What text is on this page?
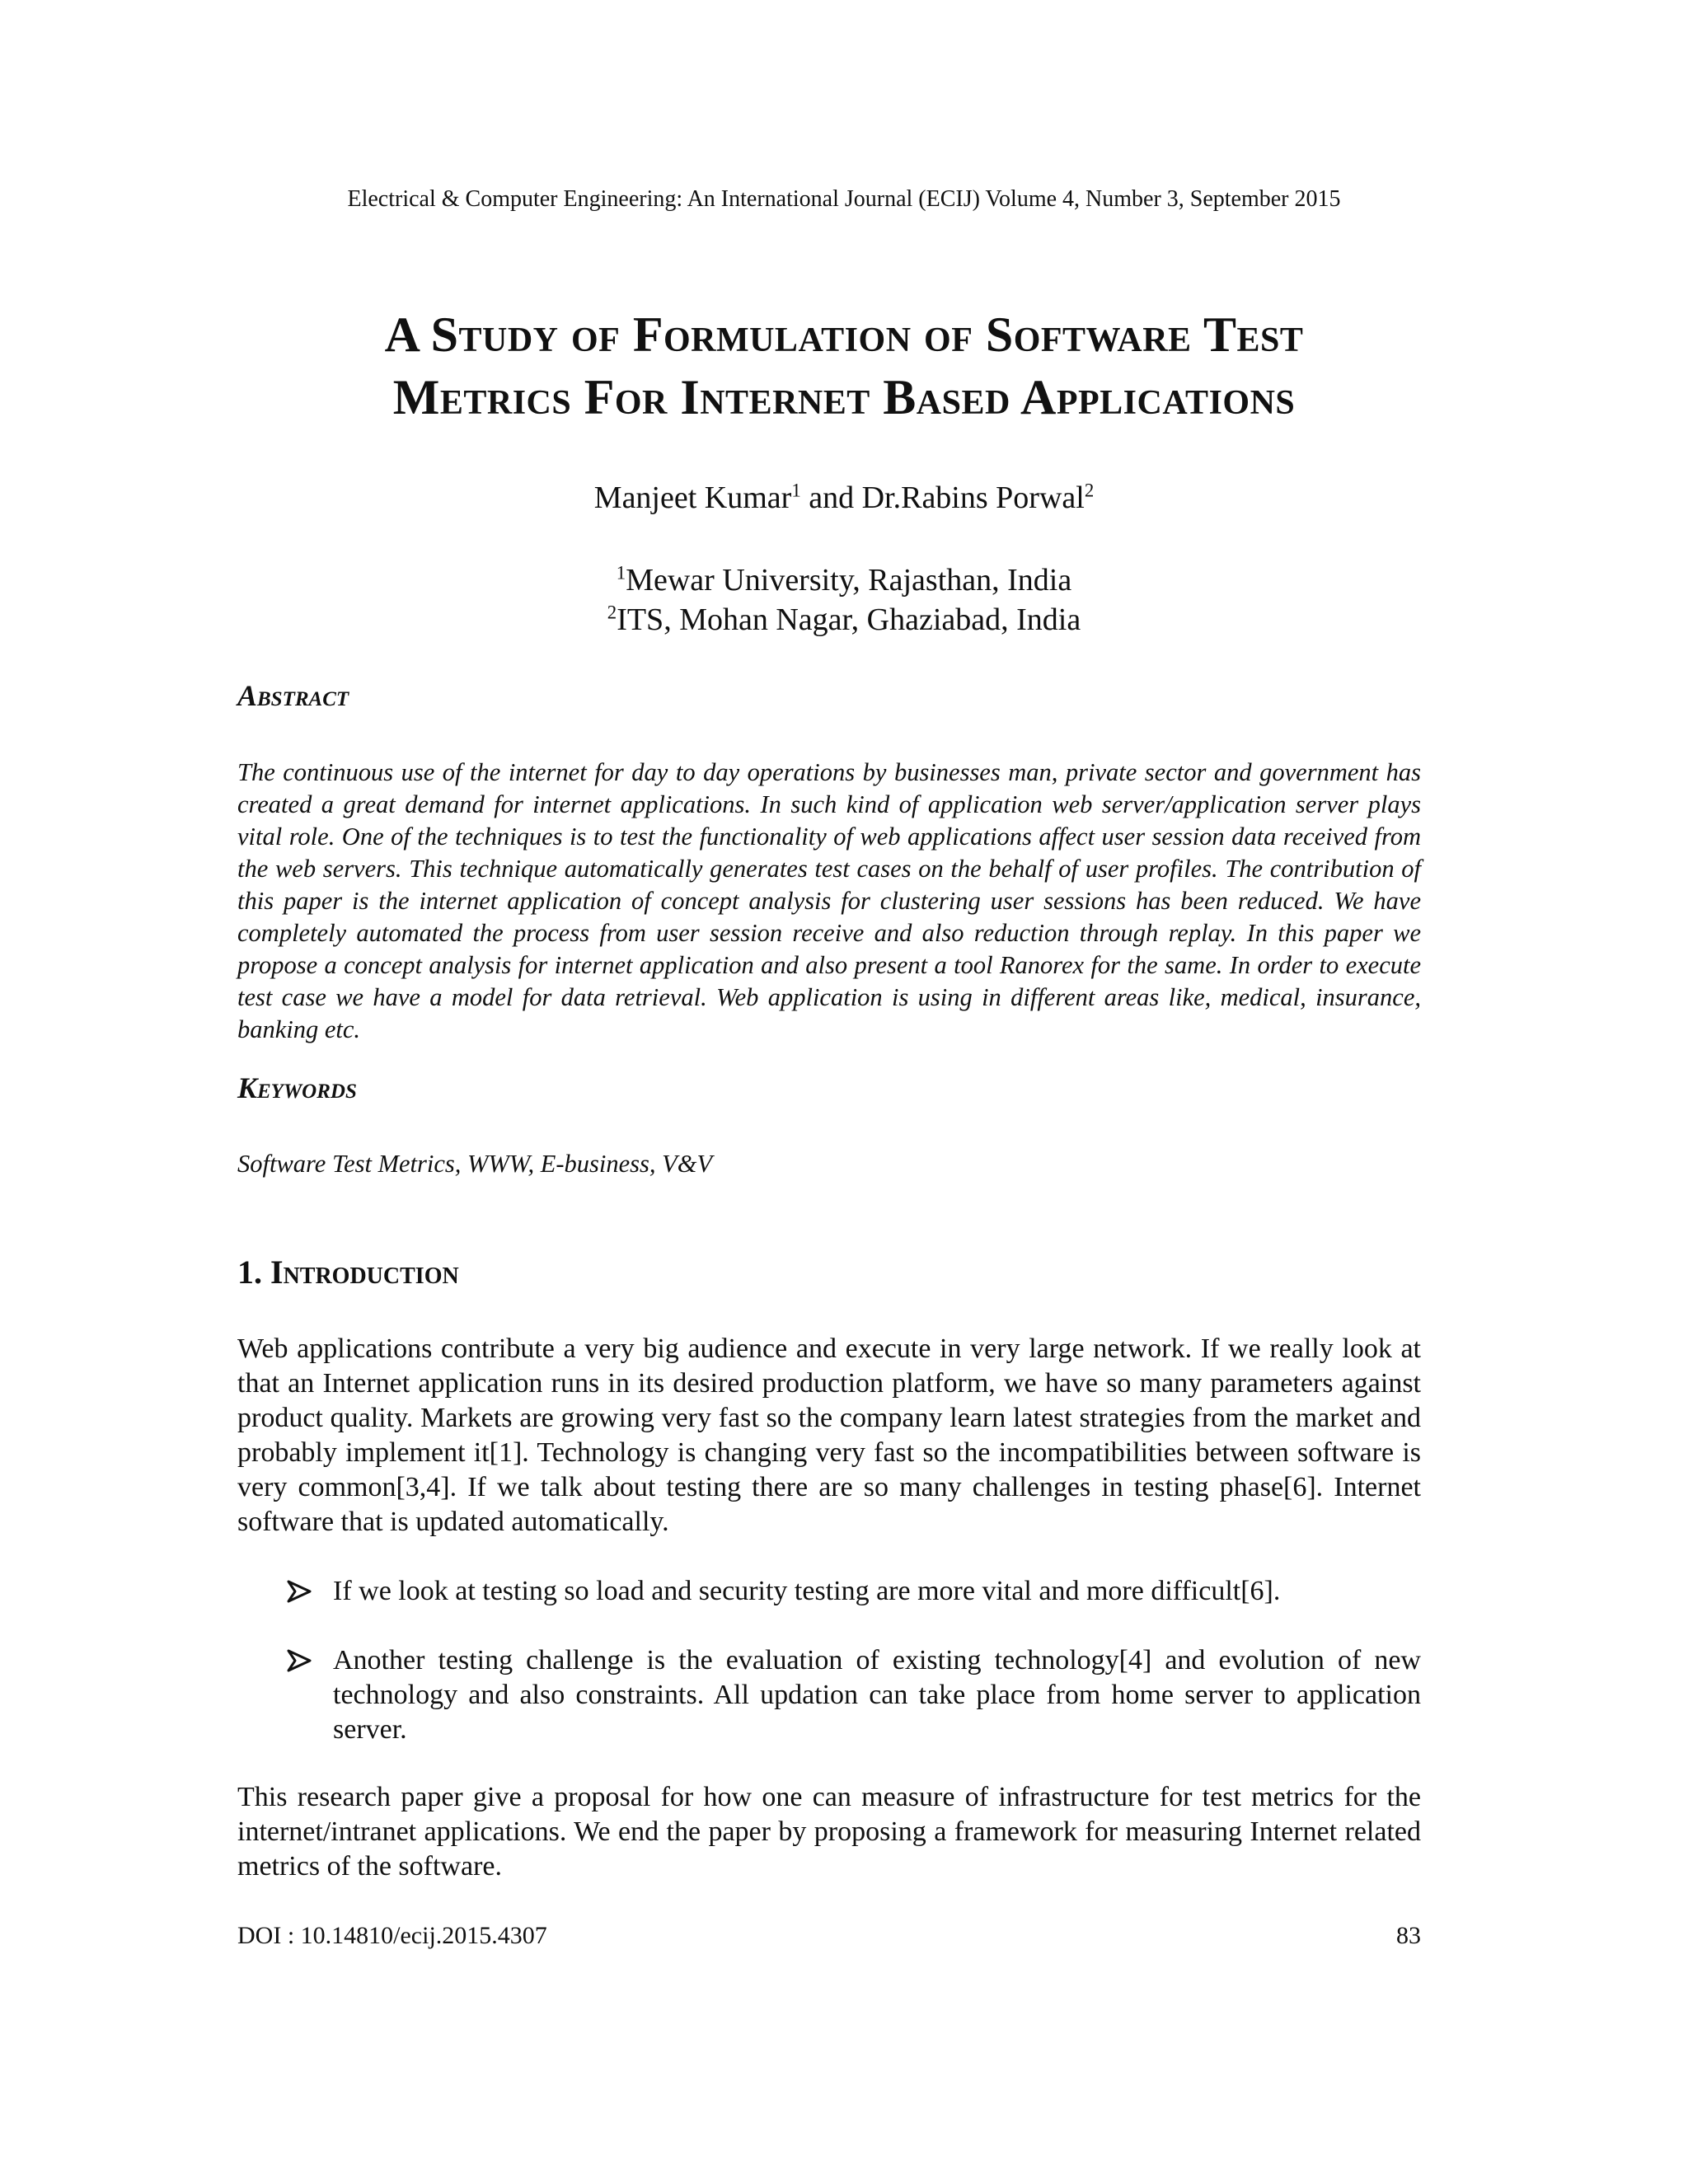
Electrical & Computer Engineering: An International Journal (ECIJ) Volume 4, Number 3, September 2015
A Study of Formulation of Software Test
Metrics For Internet Based Applications
Manjeet Kumar$^1$ and Dr.Rabins Porwal$^2$
$^1$Mewar University, Rajasthan, India
$^2$ITS, Mohan Nagar, Ghaziabad, India
Abstract
The continuous use of the internet for day to day operations by businesses man, private sector and government has created a great demand for internet applications. In such kind of application web server/application server plays vital role. One of the techniques is to test the functionality of web applications affect user session data received from the web servers. This technique automatically generates test cases on the behalf of user profiles. The contribution of this paper is the internet application of concept analysis for clustering user sessions has been reduced. We have completely automated the process from user session receive and also reduction through replay. In this paper we propose a concept analysis for internet application and also present a tool Ranorex for the same. In order to execute test case we have a model for data retrieval. Web application is using in different areas like, medical, insurance, banking etc.
Keywords
Software Test Metrics, WWW, E-business, V&V
1. Introduction
Web applications contribute a very big audience and execute in very large network. If we really look at that an Internet application runs in its desired production platform, we have so many parameters against product quality. Markets are growing very fast so the company learn latest strategies from the market and probably implement it[1]. Technology is changing very fast so the incompatibilities between software is very common[3,4]. If we talk about testing there are so many challenges in testing phase[6]. Internet software that is updated automatically.
If we look at testing so load and security testing are more vital and more difficult[6].
Another testing challenge is the evaluation of existing technology[4] and evolution of new technology and also constraints. All updation can take place from home server to application server.
This research paper give a proposal for how one can measure of infrastructure for test metrics for the internet/intranet applications. We end the paper by proposing a framework for measuring Internet related metrics of the software.
DOI : 10.14810/ecij.2015.4307	83
